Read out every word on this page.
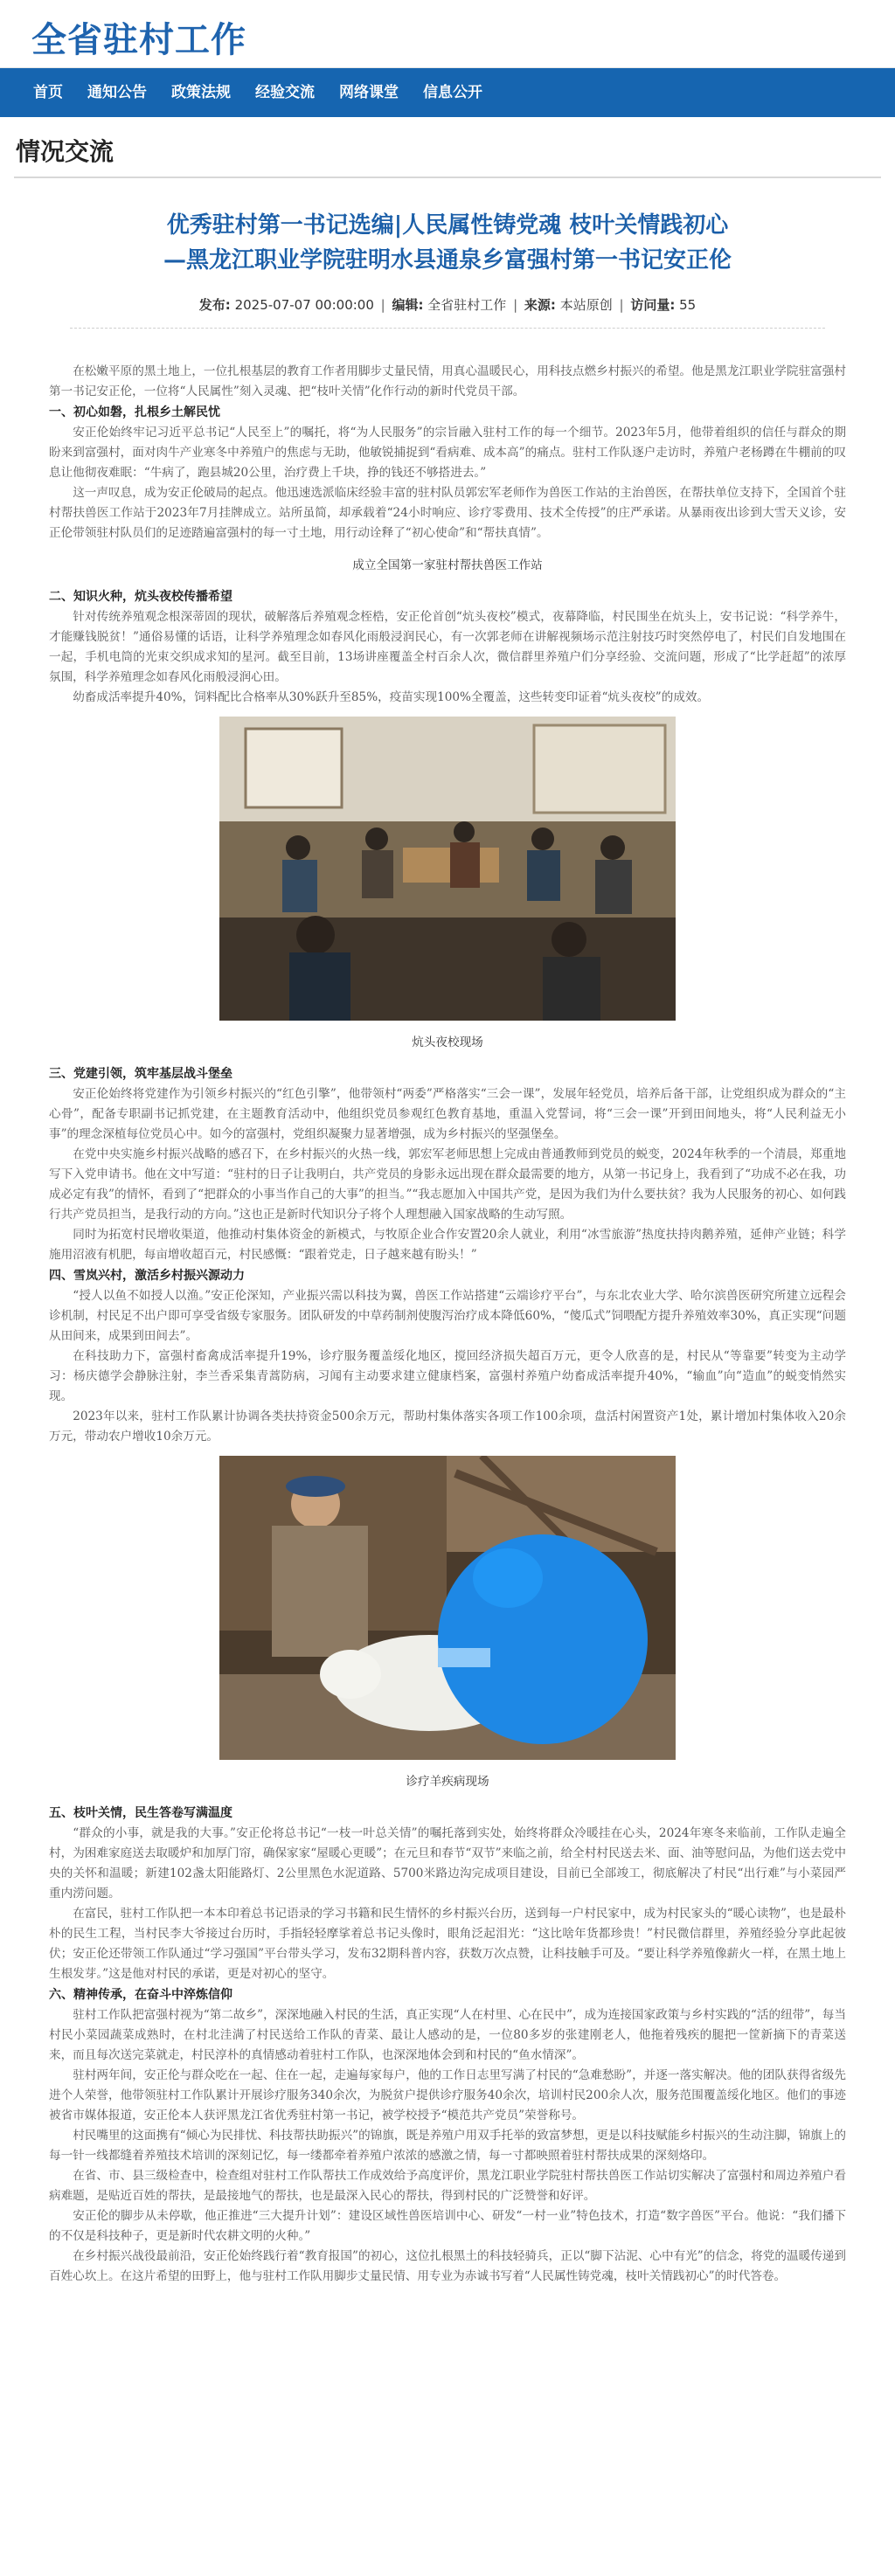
全省驻村工作
首页	通知公告	政策法规	经验交流	网络课堂	信息公开
情况交流
优秀驻村第一书记选编|人民属性铸党魂 枝叶关情践初心
—黑龙江职业学院驻明水县通泉乡富强村第一书记安正伦
发布: 2025-07-07 00:00:00 | 编辑: 全省驻村工作 | 来源: 本站原创 | 访问量: 55

在松嫩平原的黑土地上，一位扎根基层的教育工作者用脚步丈量民情，用真心温暖民心，用科技点燃乡村振兴的希望。他是黑龙江职业学院驻富强村第一书记安正伦，一位将“人民属性”刻入灵魂、把“枝叶关情”化作行动的新时代党员干部。

一、初心如磐，扎根乡土解民忧

安正伦始终牢记习近平总书记“人民至上”的嘱托，将“为人民服务”的宗旨融入驻村工作的每一个细节。2023年5月，他带着组织的信任与群众的期盼来到富强村，面对肉牛产业寒冬中养殖户的焦虑与无助，他敏锐捕捉到“看病难、成本高”的痛点。驻村工作队逐户走访时，养殖户老杨蹲在牛棚前的叹息让他彻夜难眠：“牛病了，跑县城20公里，治疗费上千块，挣的钱还不够搭进去。”

这一声叹息，成为安正伦破局的起点。他迅速选派临床经验丰富的驻村队员郭宏军老师作为兽医工作站的主治兽医，在帮扶单位支持下，全国首个驻村帮扶兽医工作站于2023年7月挂牌成立。站所虽简，却承载着“24小时响应、诊疗零费用、技术全传授”的庄严承诺。从暴雨夜出诊到大雪天义诊，安正伦带领驻村队员们的足迹踏遍富强村的每一寸土地，用行动诠释了“初心使命”和“帮扶真情”。

成立全国第一家驻村帮扶兽医工作站

二、知识火种，炕头夜校传播希望

针对传统养殖观念根深蒂固的现状，破解落后养殖观念桎梏，安正伦首创“炕头夜校”模式，夜幕降临，村民围坐在炕头上，安书记说：“科学养牛，才能赚钱脱贫！”通俗易懂的话语，让科学养殖理念如春风化雨般浸润民心，有一次郭老师在讲解视频场示范注射技巧时突然停电了，村民们自发地围在一起，手机电筒的光束交织成求知的星河。截至目前，13场讲座覆盖全村百余人次，微信群里养殖户们分享经验、交流问题，形成了“比学赶超”的浓厚氛围，科学养殖理念如春风化雨般浸润心田。

幼畜成活率提升40%，饲料配比合格率从30%跃升至85%，疫苗实现100%全覆盖，这些转变印证着“炕头夜校”的成效。

炕头夜校现场

三、党建引领，筑牢基层战斗堡垒

安正伦始终将党建作为引领乡村振兴的“红色引擎”，他带领村“两委”严格落实“三会一课”，发展年轻党员，培养后备干部，让党组织成为群众的“主心骨”，配备专职副书记抓党建，在主题教育活动中，他组织党员参观红色教育基地，重温入党誓词，将“三会一课”开到田间地头，将“人民利益无小事”的理念深植每位党员心中。如今的富强村，党组织凝聚力显著增强，成为乡村振兴的坚强堡垒。

在党中央实施乡村振兴战略的感召下，在乡村振兴的火热一线，郭宏军老师思想上完成由普通教师到党员的蜕变，2024年秋季的一个清晨，郑重地写下入党申请书。他在文中写道：“驻村的日子让我明白，共产党员的身影永远出现在群众最需要的地方，从第一书记身上，我看到了“功成不必在我，功成必定有我”的情怀，看到了“把群众的小事当作自己的大事”的担当。”“我志愿加入中国共产党，是因为我们为什么要扶贫？我为人民服务的初心、如何践行共产党员担当，是我行动的方向。”这也正是新时代知识分子将个人理想融入国家战略的生动写照。

同时为拓宽村民增收渠道，他推动村集体资金的新模式，与牧原企业合作安置20余人就业，利用“冰雪旅游”热度扶持肉鹅养殖，延伸产业链；科学施用沼液有机肥，每亩增收超百元，村民感慨：“跟着党走，日子越来越有盼头！”

四、雪岚兴村，激活乡村振兴源动力

“授人以鱼不如授人以渔。”安正伦深知，产业振兴需以科技为翼，兽医工作站搭建“云端诊疗平台”，与东北农业大学、哈尔滨兽医研究所建立远程会诊机制，村民足不出户即可享受省级专家服务。团队研发的中草药制剂使腹泻治疗成本降低60%，“傻瓜式”饲喂配方提升养殖效率30%，真正实现“问题从田间来，成果到田间去”。

在科技助力下，富强村畜禽成活率提升19%，诊疗服务覆盖绥化地区，搅回经济损失超百万元，更令人欣喜的是，村民从“等靠要”转变为主动学习：杨庆德学会静脉注射，李兰香采集青蒿防病，习闻有主动要求建立健康档案，富强村养殖户幼畜成活率提升40%，“输血”向“造血”的蜕变悄然实现。

2023年以来，驻村工作队累计协调各类扶持资金500余万元，帮助村集体落实各项工作100余项，盘活村闲置资产1处，累计增加村集体收入20余万元，带动农户增收10余万元。

诊疗羊疾病现场

五、枝叶关情，民生答卷写满温度

“群众的小事，就是我的大事。”安正伦将总书记“一枝一叶总关情”的嘱托落到实处，始终将群众冷暖挂在心头，2024年寒冬来临前，工作队走遍全村，为困难家庭送去取暖炉和加厚门帘，确保家家“屋暖心更暖”；在元旦和春节“双节”来临之前，给全村村民送去米、面、油等慰问品，为他们送去党中央的关怀和温暖；新建102盏太阳能路灯、2公里黑色水泥道路、5700米路边沟完成项目建设，目前已全部竣工，彻底解决了村民“出行难”与小菜园严重内涝问题。

在富民，驻村工作队把一本本印着总书记语录的学习书籍和民生情怀的乡村振兴台历，送到每一户村民家中，成为村民家头的“暖心读物”，也是最朴朴的民生工程，当村民李大爷接过台历时，手指轻轻摩挲着总书记头像时，眼角泛起泪光：“这比啥年货都珍贵！”村民微信群里，养殖经验分享此起彼伏；安正伦还带领工作队通过“学习强国”平台带头学习，发布32期科普内容，获数万次点赞，让科技触手可及。“要让科学养殖像薪火一样，在黑土地上生根发芽。”这是他对村民的承诺，更是对初心的坚守。

六、精神传承，在奋斗中淬炼信仰

驻村工作队把富强村视为“第二故乡”，深深地融入村民的生活，真正实现“人在村里、心在民中”，成为连接国家政策与乡村实践的“活的纽带”，每当村民小菜园蔬菜成熟时，在村北洼满了村民送给工作队的青菜、最让人感动的是，一位80多岁的张建刚老人，他拖着残疾的腿把一筐新摘下的青菜送来，而且每次送完菜就走，村民淳朴的真情感动着驻村工作队，也深深地体会到和村民的“鱼水情深”。

驻村两年间，安正伦与群众吃在一起、住在一起，走遍每家每户，他的工作日志里写满了村民的“急难愁盼”，并逐一落实解决。他的团队获得省级先进个人荣誉，他带领驻村工作队累计开展诊疗服务340余次，为脱贫户提供诊疗服务40余次，培训村民200余人次，服务范围覆盖绥化地区。他们的事迹被省市媒体报道，安正伦本人获评黑龙江省优秀驻村第一书记，被学校授予“模范共产党员”荣誉称号。

村民嘴里的这面携有“倾心为民排忧、科技帮扶助振兴”的锦旗，既是养殖户用双手托举的致富梦想，更是以科技赋能乡村振兴的生动注脚，锦旗上的每一针一线都缝着养殖技术培训的深刻记忆，每一缕都牵着养殖户浓浓的感激之情，每一寸都映照着驻村帮扶成果的深刻烙印。

在省、市、县三级检查中，检查组对驻村工作队帮扶工作成效给予高度评价，黑龙江职业学院驻村帮扶兽医工作站切实解决了富强村和周边养殖户看病难题，是贴近百姓的帮扶，是最接地气的帮扶，也是最深入民心的帮扶，得到村民的广泛赞誉和好评。

安正伦的脚步从未停歇，他正推进“三大提升计划”：建设区域性兽医培训中心、研发“一村一业”特色技术，打造“数字兽医”平台。他说：“我们播下的不仅是科技种子，更是新时代农耕文明的火种。”

在乡村振兴战役最前沿，安正伦始终践行着“教育报国”的初心，这位扎根黑土的科技轻骑兵，正以“脚下沾泥、心中有光”的信念，将党的温暖传递到百姓心坎上。在这片希望的田野上，他与驻村工作队用脚步丈量民情、用专业为赤诚书写着“人民属性铸党魂，枝叶关情践初心”的时代答卷。
